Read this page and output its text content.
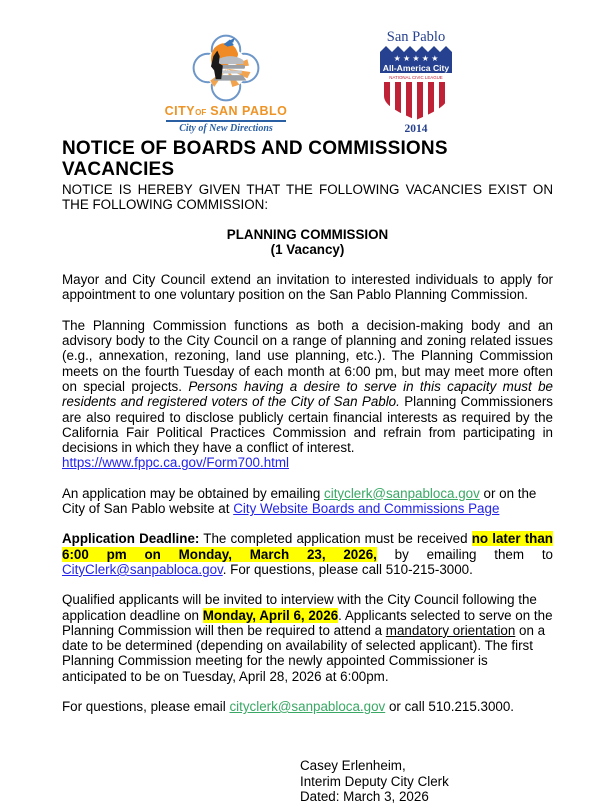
CITYOF SAN PABLO
City of New Directions
San Pablo
★ ★ ★ ★ ★
All-America City
NATIONAL CIVIC LEAGUE
2014
NOTICE OF BOARDS AND COMMISSIONS VACANCIES

NOTICE IS HEREBY GIVEN THAT THE FOLLOWING VACANCIES EXIST ON THE FOLLOWING COMMISSION:

PLANNING COMMISSION
(1 Vacancy)

Mayor and City Council extend an invitation to interested individuals to apply for appointment to one voluntary position on the San Pablo Planning Commission.

The Planning Commission functions as both a decision-making body and an advisory body to the City Council on a range of planning and zoning related issues (e.g., annexation, rezoning, land use planning, etc.). The Planning Commission meets on the fourth Tuesday of each month at 6:00 pm, but may meet more often on special projects. Persons having a desire to serve in this capacity must be residents and registered voters of the City of San Pablo. Planning Commissioners are also required to disclose publicly certain financial interests as required by the California Fair Political Practices Commission and refrain from participating in decisions in which they have a conflict of interest.
https://www.fppc.ca.gov/Form700.html

An application may be obtained by emailing cityclerk@sanpabloca.gov or on the City of San Pablo website at City Website Boards and Commissions Page

Application Deadline: The completed application must be received no later than 6:00 pm on Monday, March 23, 2026, by emailing them to CityClerk@sanpabloca.gov. For questions, please call 510-215-3000.

Qualified applicants will be invited to interview with the City Council following the application deadline on Monday, April 6, 2026. Applicants selected to serve on the Planning Commission will then be required to attend a mandatory orientation on a date to be determined (depending on availability of selected applicant). The first Planning Commission meeting for the newly appointed Commissioner is anticipated to be on Tuesday, April 28, 2026 at 6:00pm.

For questions, please email cityclerk@sanpabloca.gov or call 510.215.3000.

Casey Erlenheim,
Interim Deputy City Clerk
Dated: March 3, 2026
